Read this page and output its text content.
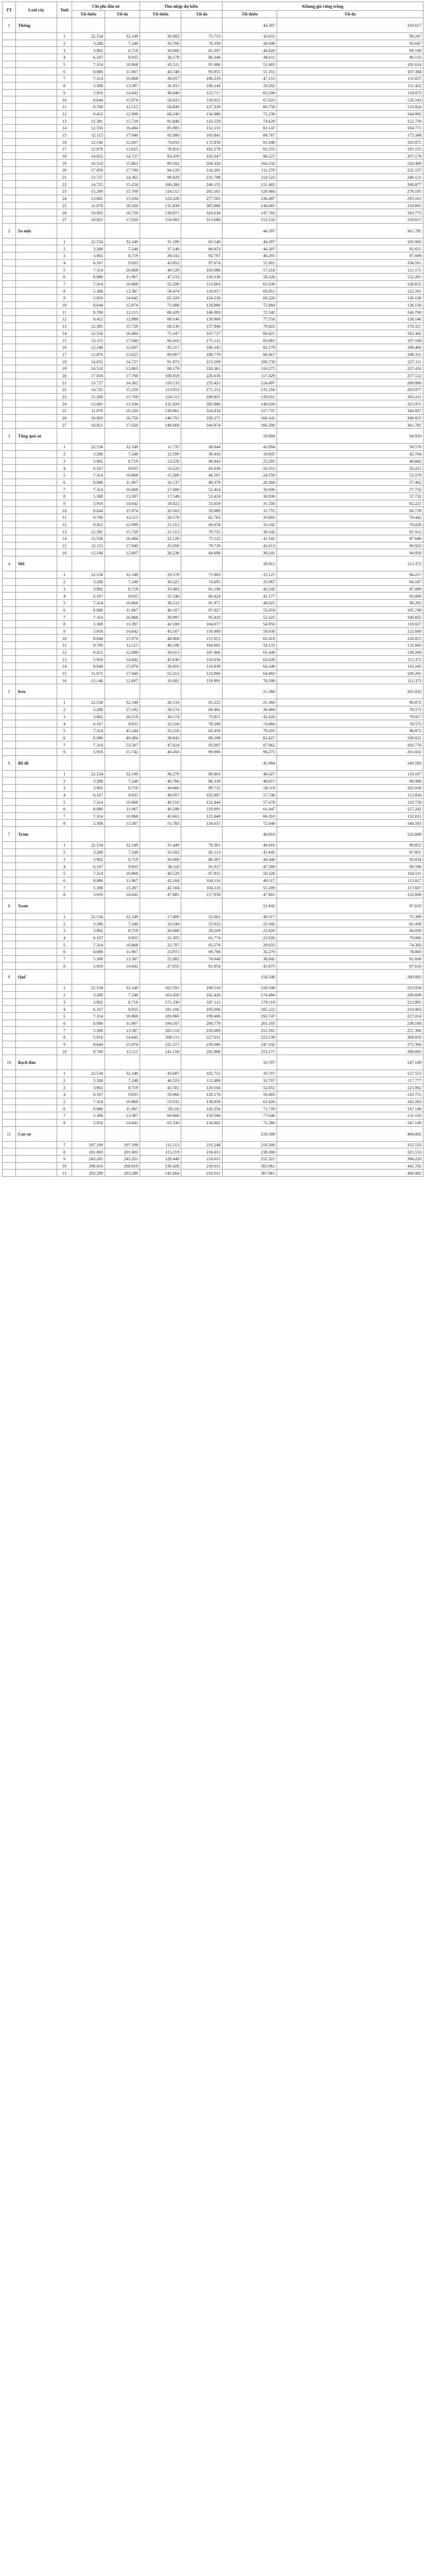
TT	Loài cây	Tuổi	Chi phí đầu tư		Thu nhập dự kiến		Khung giá rừng trồng	
			Tối thiểu	Tối đa	Tối thiểu	Tối đa	Tối thiểu	Tối đa
1	Thông						44.397	319.617
		1	22.534	32.149	26.982	73.713	43.811	99.247
		2	3.288	7.248	33.700	78.359	44.948	93.647
		3	3.902	8.719	38.000	82.397	44.829	89.199
		4	6.167	9.835	38.178	86.348	48.611	96.133
		5	7.314	10.868	41.511	91.006	51.003	102.614
		6	8.086	11.967	43.548	95.955	51.355	107.384
		7	7.314	10.868	38.657	100.219	47.153	111.657
		8	5.308	13.387	41.811	106.144	19.202	111.422
		9	5.916	14.642	48.848	112.717	63.290	118.073
		10	8.644	15.974	56.023	118.021	67.023	126.543
		11	8.700	12.115	64.849	127.339	66.758	133.924
		12	9.412	12.989	68.240	134.980	71.230	144.992
		13	12.381	15.729	81.840	143.559	74.629	152.759
		14	12.556	16.484	85.985	152.131	82.147	164.771
		15	12.115	17.040	92.080	163.841	84.787	175.348
		16	12.146	12.607	74.033	172.830	81.040	183.871
		17	12.876	13.625	78.810	182.279	92.255	195.155
		18	14.652	14.727	83.476	193.347	98.227	207.179
		19	16.510	15.863	89.102	204.326	104.232	220.409
		20	17.050	17.760	94.120	216.281	111.270	232.537
		21	13.727	14.365	99.929	231.798	114.523	246.121
		22	14.725	15.250	106.200	246.155	121.403	268.877
		23	15.200	15.769	114.112	265.101	128.460	276.195
		24	13.681	13.104	124.228	277.581	136.487	293.161
		25	11.970	16.320	131.839	305.886	144.005	310.695
		26	10.003	16.750	138.871	324.634	147.783	310.773
		27	10.821	17.620	154.902	313.688	152.132	319.617
2	Sa mộc						44.397	361.781
		1	22.534	32.149	31.109	83.140	44.397	105.902
		2	3.288	7.248	37.149	86.953	44.397	92.651
		3	3.902	8.719	39.332	92.797	46.291	97.699
		4	6.167	9.835	43.852	97.674	51.901	104.161
		5	7.314	10.868	49.129	103.086	57.218	112.171
		6	8.086	11.967	47.233	110.136	58.226	122.261
		7	7.314	10.868	52.208	113.963	61.030	128.651
		8	5.308	13.387	59.474	118.917	69.851	122.261
		9	5.916	14.642	65.329	124.230	69.226	130.130
		10	8.644	15.974	71.008	129.886	72.884	136.136
		11	8.700	12.115	68.429	146.083	72.542	146.700
		12	9.412	12.989	68.140	139.806	77.550	158.140
		13	12.381	15.729	68.136	157.946	79.823	170.327
		14	12.556	16.484	75.347	167.727	80.821	183.302
		15	12.115	17.040	80.416	175.121	83.081	197.108
		16	12.146	12.607	85.117	180.145	92.179	199.406
		17	12.876	13.625	89.907	188.779	96.667	208.311
		18	14.652	14.727	91.973	213.209	100.730	227.111
		19	16.510	15.863	88.179	220.361	110.275	237.416
		20	17.050	17.760	100.859	226.636	117.429	257.122
		21	13.727	14.365	110.133	255.421	124.497	269.880
		22	14.725	15.250	113.953	271.212	131.256	283.977
		23	15.200	15.769	124.112	289.851	139.921	303.211
		24	13.681	13.104	131.829	305.886	148.020	321.971
		25	11.970	16.320	139.861	324.834	157.737	340.837
		26	10.003	16.750	146.701	336.271	166.141	349.815
		27	10.821	17.620	148.669	344.974	166.290	361.781
3	Tống quá sủ						18.894	94.929
		1	22.534	32.149	11.735	36.044	43.894	58.578
		2	3.288	7.248	12.599	38.416	19.847	42.704
		3	3.902	8.719	13.526	40.943	22.295	46.842
		4	6.167	9.835	14.520	43.636	24.353	50.223
		5	7.314	10.868	15.589	46.507	24.559	53.579
		6	8.086	11.967	16.137	49.376	28.304	57.462
		7	7.314	10.868	17.000	52.424	30.936	57.732
		8	5.308	13.387	17.549	52.424	30.936	57.732
		9	5.916	14.642	18.822	55.659	31.550	62.221
		10	8.644	15.974	20.163	59.089	31.755	66.739
		11	8.700	12.115	20.570	62.762	33.002	70.442
		12	9.412	12.989	21.212	66.654	35.242	76.026
		13	12.381	15.729	21.513	70.725	38.242	81.012
		14	12.556	16.484	22.126	75.122	41.541	87.640
		15	12.115	17.040	25.050	79.726	42.613	90.923
		16	12.146	12.607	28.238	84.608	39.241	94.929
4	Mỡ						39.812	112.372
		1	22.534	32.149	29.578	71.983	35.127	94.217
		2	3.288	7.248	30.221	74.695	35.967	84.187
		3	3.902	8.719	33.483	81.196	42.242	87.099
		4	6.167	9.835	31.546	80.424	41.577	93.009
		5	7.314	10.868	38.122	91.971	49.025	99.205
		6	8.086	11.967	40.107	97.027	52.474	105.749
		7	7.314	10.868	39.997	95.410	52.325	100.835
		8	5.308	13.387	42.100	104.077	54.950	118.027
		9	5.916	14.642	43.107	110.480	59.630	122.669
		10	8.644	15.974	44.868	115.651	62.416	126.815
		11	8.700	12.115	48.106	104.601	58.133	132.843
		12	9.412	12.989	39.613	107.806	61.449	139.269
		13	5.916	14.642	45.630	110.036	63.439	112.372
		14	8.644	15.974	36.810	116.839	64.240	110.243
		15	11.975	17.040	55.212	123.906	64.883	109.291
		16	12.146	12.607	16.001	119.991	76.590	112.372
5	Keo						21.360	201.832
		1	22.534	32.149	26.533	65.225	21.360	96.872
		2	3.288	27.192	38.174	69.401	36.869	78.573
		3	3.902	28.519	30.174	73.951	42.620	79.917
		4	6.167	9.835	33.218	78.396	74.869	78.573
		5	7.314	45.244	33.218	83.459	79.205	96.872
		6	8.086	49.494	38.841	88.208	82.627	169.021
		7	7.314	53.567	47.024	93.097	87.062	183.776
		8	5.916	15.742	40.450	99.896	96.275	201.832
6	Bồ đề						45.984	140.593
		1	22.534	32.149	36.276	80.803	48.427	118.167
		2	3.288	7.248	40.766	86.339	49.657	98.988
		3	3.902	8.719	44.666	99.731	58.119	105.930
		4	6.167	9.835	49.957	102.897	57.740	112.834
		5	7.314	10.868	40.510	122.444	57.478	119.758
		6	8.086	11.967	40.299	119.991	61.447	127.242
		7	7.314	10.868	43.661	125.640	66.310	132.611
		8	5.308	13.387	51.783	134.637	72.049	140.593
7	Tràm						40.810	122.609
		1	22.534	32.149	31.449	76.361	40.810	99.852
		2	3.288	7.248	33.502	81.113	41.845	87.851
		3	3.902	8.719	36.000	86.367	44.440	93.034
		4	6.167	9.835	38.110	91.917	47.309	98.598
		5	7.314	10.868	40.529	97.815	50.326	104.511
		6	8.086	11.967	42.104	104.116	49.117	112.017
		7	5.308	13.387	42.104	104.116	51.209	117.607
		8	5.916	14.642	47.881	117.958	47.881	122.609
8	Xoan						21.942	87.610
		1	22.534	32.149	17.409	52.061	49.517	75.399
		2	3.288	7.248	19.244	55.023	21.942	62.439
		3	3.902	8.719	20.000	58.169	23.926	66.059
		4	6.167	9.835	21.305	61.774	23.926	70.066
		5	7.314	10.868	22.707	65.579	29.033	74.393
		6	8.086	11.967	23.972	69.708	32.270	78.860
		7	5.308	13.387	25.882	74.048	38.842	81.606
		8	5.916	14.642	27.655	81.054	41.675	87.610
9	Quế						158.548	290.893
		1	22.534	32.149	162.591	180.510	158.548	223.858
		2	3.288	7.248	163.458	182.426	174.494	206.699
		3	3.902	8.719	171.330	187.111	179.119	212.891
		4	6.167	9.835	181.106	193.006	185.222	219.903
		5	7.314	10.868	183.960	199.406	192.747	227.014
		6	8.086	11.967	194.107	208.779	201.105	238.168
		7	5.308	13.387	205.110	220.009	212.591	257.306
		8	5.916	14.642	209.111	227.011	223.139	269.810
		9	8.644	15.974	231.271	239.680	247.242	275.394
		10	8.700	12.115	241.158	245.908	253.171	290.893
10	Bạch đàn						33.707	147.149
		1	22.534	32.149	43.607	102.751	33.707	127.553
		2	3.288	7.248	40.519	112.489	33.707	117.777
		3	3.902	8.719	43.501	120.104	52.051	125.962
		4	6.167	9.835	50.966	128.176	56.883	133.715
		5	7.314	10.868	53.932	138.859	61.626	142.203
		6	8.086	11.967	58.116	145.256	71.728	147.149
		7	5.308	13.387	60.908	150.596	77.046	131.150
		8	5.916	14.642	65.330	134.902	71.380	147.149
11	Cao su						218.300	494.082
		7	197.199	197.199	111.113	211.248	218.300	312.533
		8	201.003	201.003	115.219	216.011	238.300	325.553
		9	243.201	243.201	128.440	216.011	252.321	394.220
		10	268.616	268.616	136.428	216.011	303.961	442.702
		11	293.289	293.289	142.664	216.011	367.061	494.082
